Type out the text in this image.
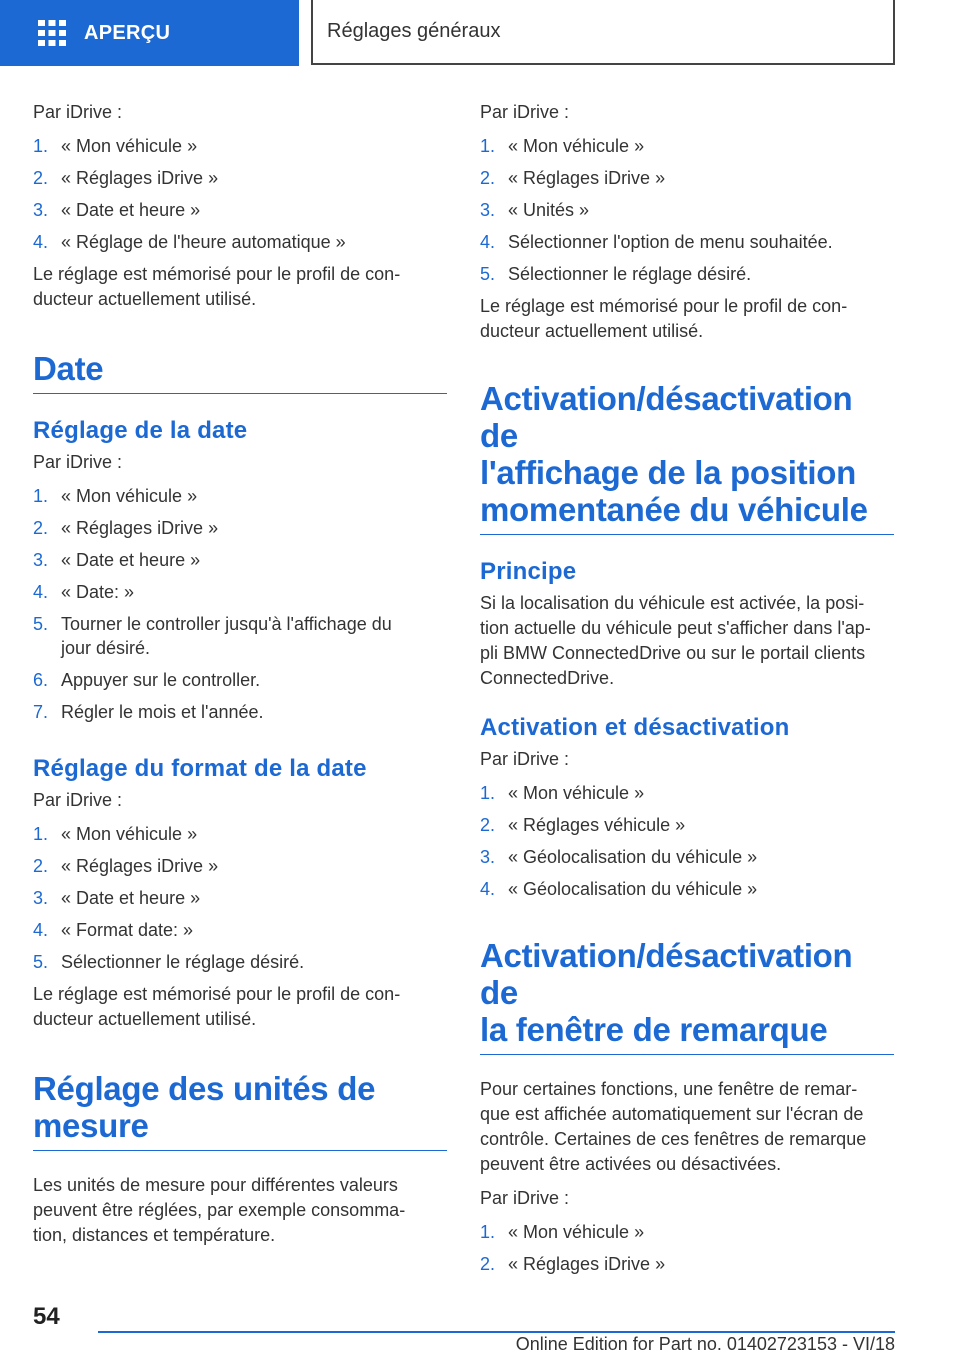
APERÇU	Réglages généraux

Par iDrive :

1. « Mon véhicule »
2. « Réglages iDrive »
3. « Date et heure »
4. « Réglage de l'heure automatique »

Le réglage est mémorisé pour le profil de con-
ducteur actuellement utilisé.

Date
Réglage de la date

Par iDrive :

1. « Mon véhicule »
2. « Réglages iDrive »
3. « Date et heure »
4. « Date: »
5. Tourner le controller jusqu'à l'affichage du
jour désiré.
6. Appuyer sur le controller.
7. Régler le mois et l'année.
Réglage du format de la date

Par iDrive :

1. « Mon véhicule »
2. « Réglages iDrive »
3. « Date et heure »
4. « Format date: »
5. Sélectionner le réglage désiré.

Le réglage est mémorisé pour le profil de con-
ducteur actuellement utilisé.

Réglage des unités de
mesure

Les unités de mesure pour différentes valeurs
peuvent être réglées, par exemple consomma-
tion, distances et température.

Par iDrive :

1. « Mon véhicule »
2. « Réglages iDrive »
3. « Unités »
4. Sélectionner l'option de menu souhaitée.
5. Sélectionner le réglage désiré.

Le réglage est mémorisé pour le profil de con-
ducteur actuellement utilisé.

Activation/désactivation de
l'affichage de la position
momentanée du véhicule
Principe

Si la localisation du véhicule est activée, la posi-
tion actuelle du véhicule peut s'afficher dans l'ap-
pli BMW ConnectedDrive ou sur le portail clients
ConnectedDrive.

Activation et désactivation

Par iDrive :

1. « Mon véhicule »
2. « Réglages véhicule »
3. « Géolocalisation du véhicule »
4. « Géolocalisation du véhicule »
Activation/désactivation de
la fenêtre de remarque

Pour certaines fonctions, une fenêtre de remar-
que est affichée automatiquement sur l'écran de
contrôle. Certaines de ces fenêtres de remarque
peuvent être activées ou désactivées.

Par iDrive :

1. « Mon véhicule »
2. « Réglages iDrive »
54
Online Edition for Part no. 01402723153 - VI/18
